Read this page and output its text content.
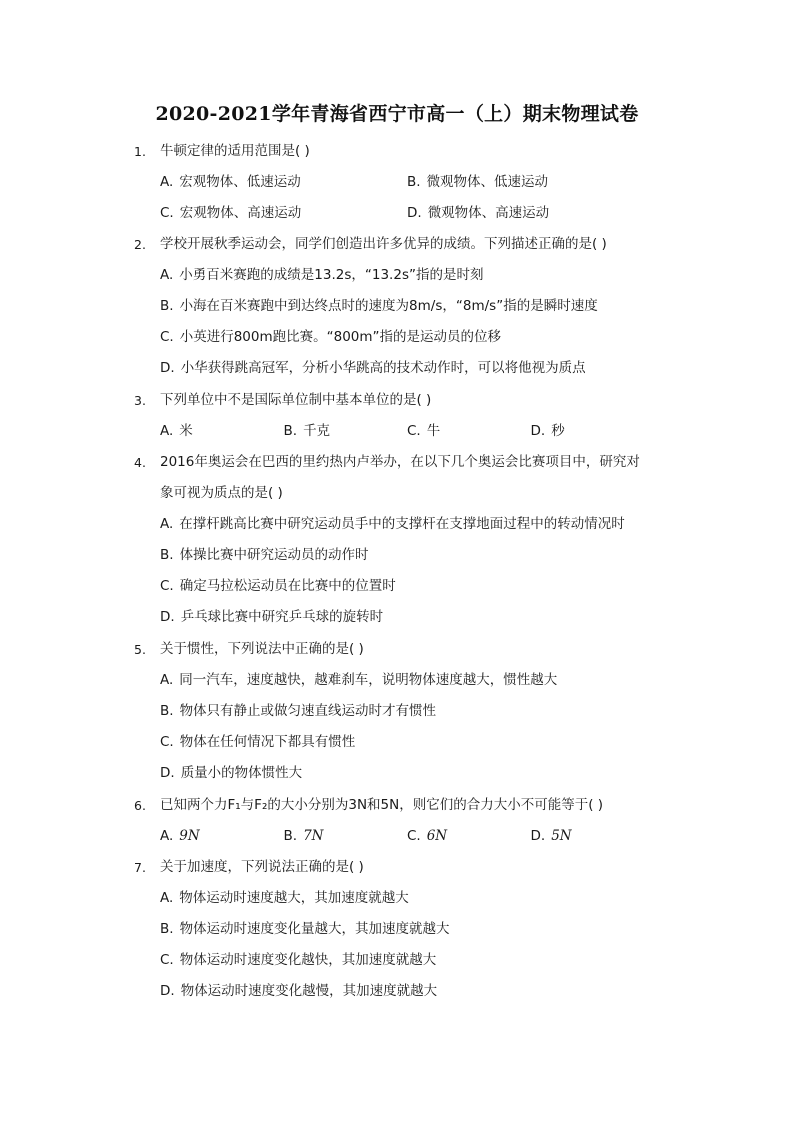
2020-2021学年青海省西宁市高一（上）期末物理试卷
1.	牛顿定律的适用范围是( )
A. 宏观物体、低速运动	B. 微观物体、低速运动
C. 宏观物体、高速运动	D. 微观物体、高速运动
2.	学校开展秋季运动会，同学们创造出许多优异的成绩。下列描述正确的是( )
A. 小勇百米赛跑的成绩是13.2s，“13.2s”指的是时刻
B. 小海在百米赛跑中到达终点时的速度为8m/s，“8m/s”指的是瞬时速度
C. 小英进行800m跑比赛。“800m”指的是运动员的位移
D. 小华获得跳高冠军，分析小华跳高的技术动作时，可以将他视为质点
3.	下列单位中不是国际单位制中基本单位的是( )
A. 米	B. 千克	C. 牛	D. 秒
4.	2016年奥运会在巴西的里约热内卢举办，在以下几个奥运会比赛项目中，研究对
象可视为质点的是( )
A. 在撑杆跳高比赛中研究运动员手中的支撑杆在支撑地面过程中的转动情况时
B. 体操比赛中研究运动员的动作时
C. 确定马拉松运动员在比赛中的位置时
D. 乒乓球比赛中研究乒乓球的旋转时
5.	关于惯性，下列说法中正确的是( )
A. 同一汽车，速度越快，越难刹车，说明物体速度越大，惯性越大
B. 物体只有静止或做匀速直线运动时才有惯性
C. 物体在任何情况下都具有惯性
D. 质量小的物体惯性大
6.	已知两个力F₁与F₂的大小分别为3N和5N，则它们的合力大小不可能等于( )
A. 9N	B. 7N	C. 6N	D. 5N
7.	关于加速度，下列说法正确的是( )
A. 物体运动时速度越大，其加速度就越大
B. 物体运动时速度变化量越大，其加速度就越大
C. 物体运动时速度变化越快，其加速度就越大
D. 物体运动时速度变化越慢，其加速度就越大
